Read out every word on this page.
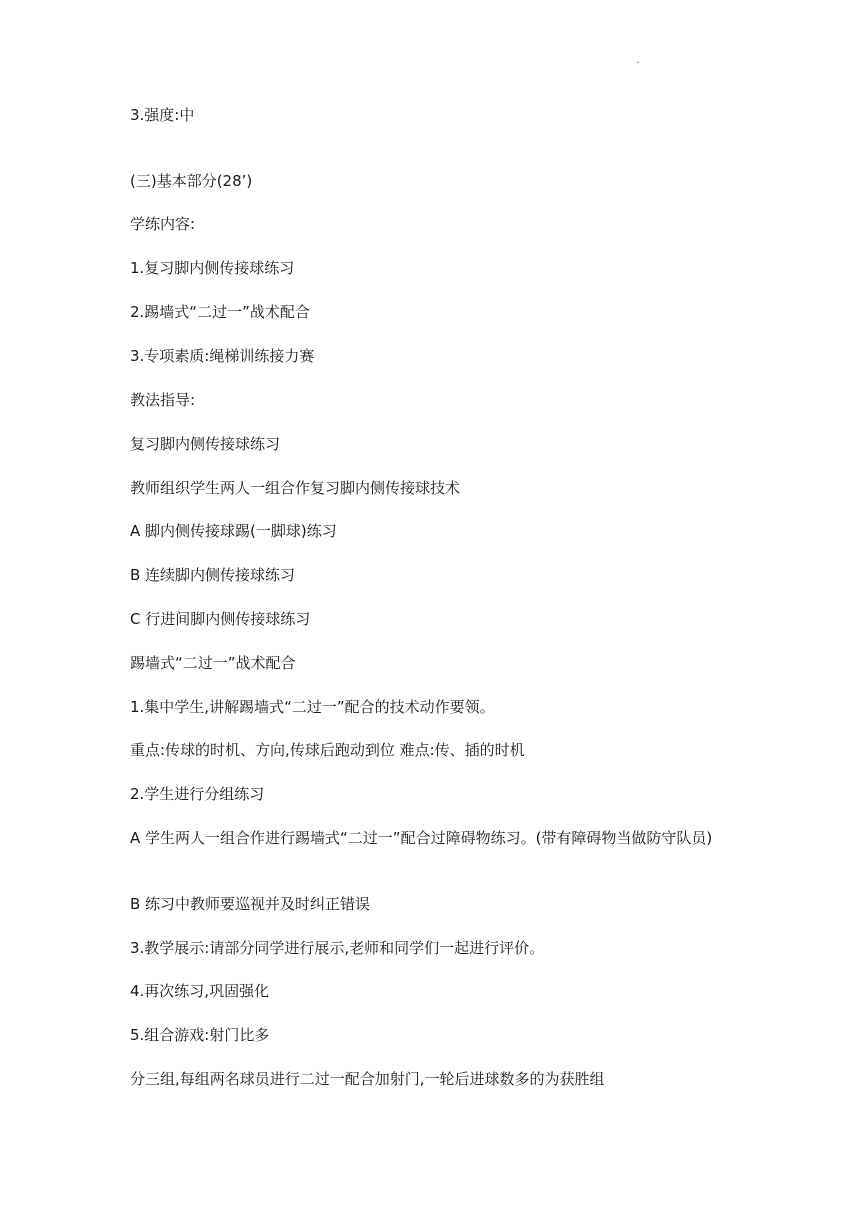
.

3.强度:中

(三)基本部分(28’)

学练内容:

1.复习脚内侧传接球练习

2.踢墙式“二过一”战术配合

3.专项素质:绳梯训练接力赛

教法指导:

复习脚内侧传接球练习

教师组织学生两人一组合作复习脚内侧传接球技术

A 脚内侧传接球踢(一脚球)练习

B 连续脚内侧传接球练习

C 行进间脚内侧传接球练习

踢墙式“二过一”战术配合

1.集中学生,讲解踢墙式“二过一”配合的技术动作要领。

重点:传球的时机、方向,传球后跑动到位 难点:传、插的时机

2.学生进行分组练习

A 学生两人一组合作进行踢墙式“二过一”配合过障碍物练习。(带有障碍物当做防守队员)

B 练习中教师要巡视并及时纠正错误

3.教学展示:请部分同学进行展示,老师和同学们一起进行评价。

4.再次练习,巩固强化

5.组合游戏:射门比多

分三组,每组两名球员进行二过一配合加射门,一轮后进球数多的为获胜组
